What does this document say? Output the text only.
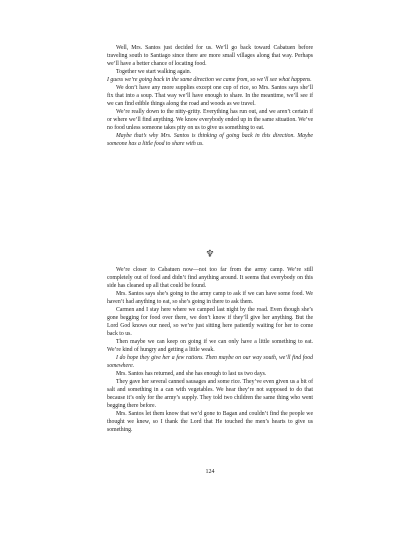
Well, Mrs. Santos just decided for us. We’ll go back toward Cabatuen before traveling south to Santiago since there are more small villages along that way. Perhaps we’ll have a better chance of locating food.

Together we start walking again.

I guess we’re going back in the same direction we came from, so we’ll see what happens.

We don’t have any more supplies except one cup of rice, so Mrs. Santos says she’ll fix that into a soup. That way we’ll have enough to share. In the meantime, we’ll see if we can find edible things along the road and woods as we travel.

We’re really down to the nitty-gritty. Everything has run out, and we aren’t certain if or where we’ll find anything. We know everybody ended up in the same situation. We’ve no food unless someone takes pity on us to give us something to eat.

Maybe that’s why Mrs. Santos is thinking of going back in this direction. Maybe someone has a little food to share with us.

♆

We’re closer to Cabatuen now—not too far from the army camp. We’re still completely out of food and didn’t find anything around. It seems that everybody on this side has cleaned up all that could be found.

Mrs. Santos says she’s going to the army camp to ask if we can have some food. We haven’t had anything to eat, so she’s going in there to ask them.

Carmen and I stay here where we camped last night by the road. Even though she’s gone begging for food over there, we don’t know if they’ll give her anything. But the Lord God knows our need, so we’re just sitting here patiently waiting for her to come back to us.

Then maybe we can keep on going if we can only have a little something to eat. We’re kind of hungry and getting a little weak.

I do hope they give her a few rations. Then maybe on our way south, we’ll find food somewhere.

Mrs. Santos has returned, and she has enough to last us two days.

They gave her several canned sausages and some rice. They’ve even given us a bit of salt and something in a can with vegetables. We hear they’re not supposed to do that because it’s only for the army’s supply. They told two children the same thing who went begging there before.

Mrs. Santos let them know that we’d gone to Bagan and couldn’t find the people we thought we knew, so I thank the Lord that He touched the men’s hearts to give us something.

124
